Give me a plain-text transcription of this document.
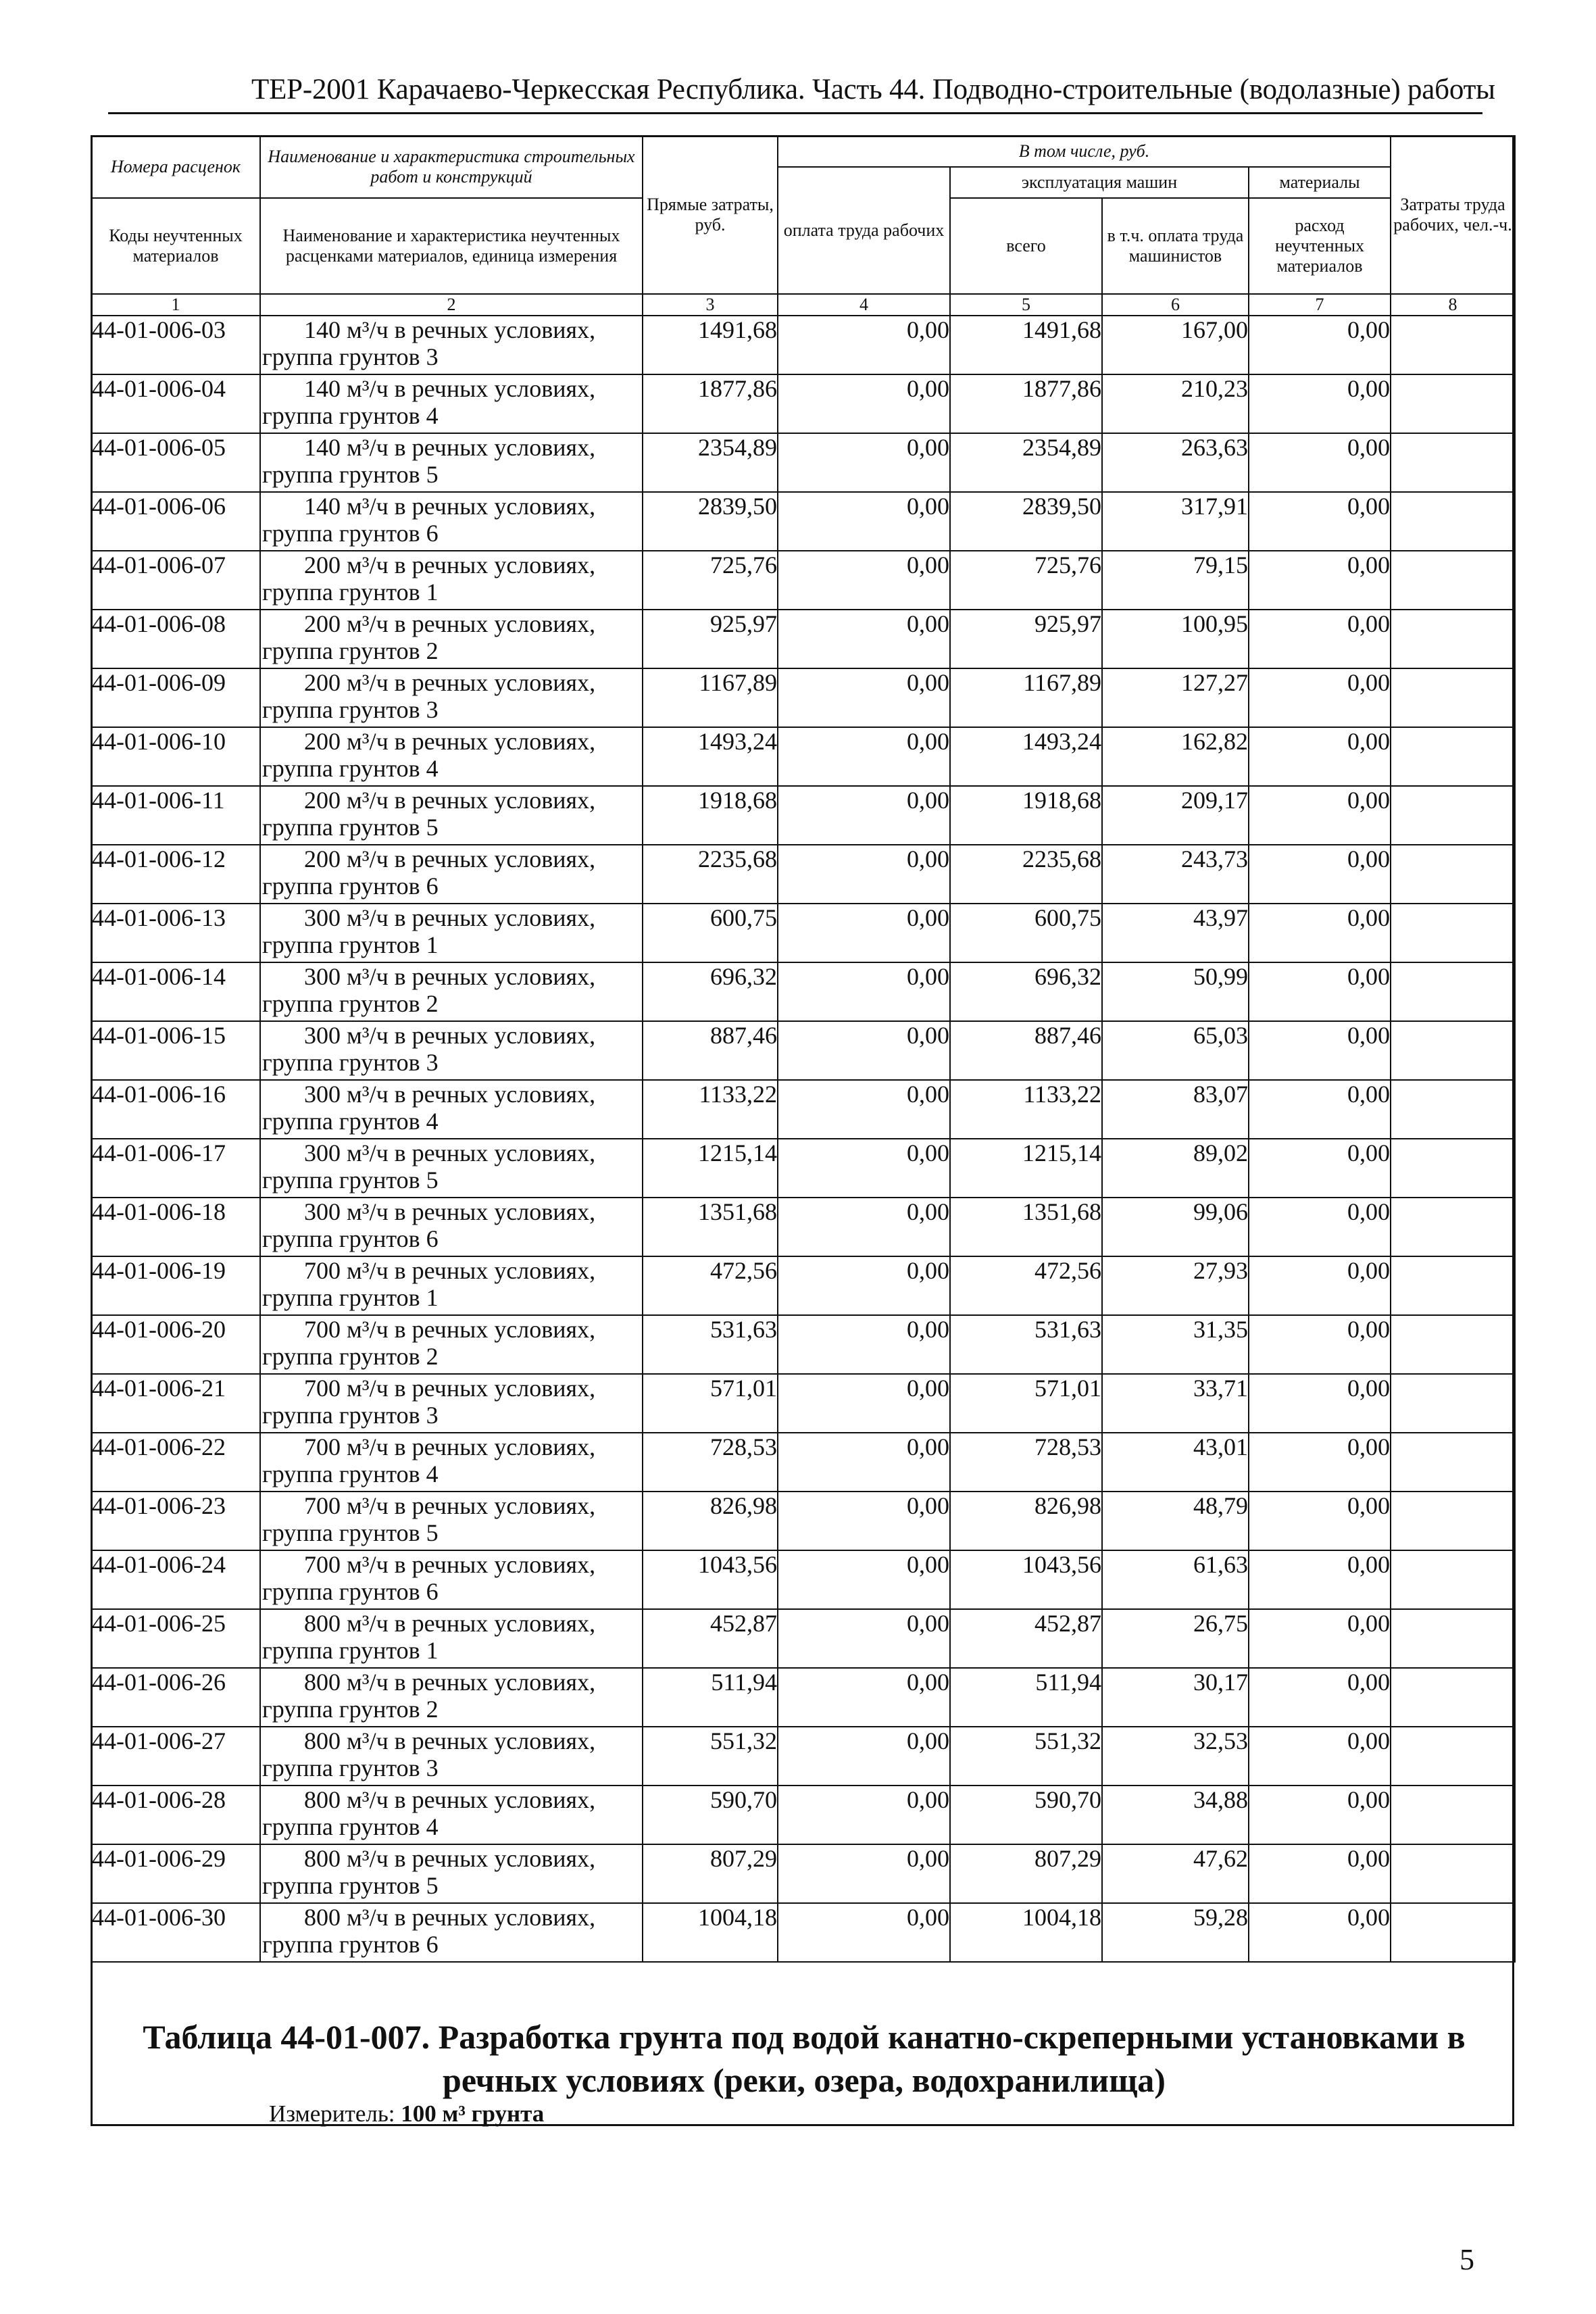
ТЕР-2001 Карачаево-Черкесская Республика. Часть 44. Подводно-строительные (водолазные) работы
Номера расценок	Наименование и характеристика строительных работ и конструкций	Прямые затраты, руб.	В том числе, руб.				Затраты труда рабочих, чел.-ч.
			оплата труда рабочих	эксплуатация машин		материалы	
Коды неучтенных материалов	Наименование и характеристика неучтенных расценками материалов, единица измерения			всего	в т.ч. оплата труда машинистов	расход неучтенных материалов	
1	2	3	4	5	6	7	8
44-01-006-03	140 м³/ч в речных условиях,
группа грунтов 3	1491,68	0,00	1491,68	167,00	0,00	
44-01-006-04	140 м³/ч в речных условиях,
группа грунтов 4	1877,86	0,00	1877,86	210,23	0,00	
44-01-006-05	140 м³/ч в речных условиях,
группа грунтов 5	2354,89	0,00	2354,89	263,63	0,00	
44-01-006-06	140 м³/ч в речных условиях,
группа грунтов 6	2839,50	0,00	2839,50	317,91	0,00	
44-01-006-07	200 м³/ч в речных условиях,
группа грунтов 1	725,76	0,00	725,76	79,15	0,00	
44-01-006-08	200 м³/ч в речных условиях,
группа грунтов 2	925,97	0,00	925,97	100,95	0,00	
44-01-006-09	200 м³/ч в речных условиях,
группа грунтов 3	1167,89	0,00	1167,89	127,27	0,00	
44-01-006-10	200 м³/ч в речных условиях,
группа грунтов 4	1493,24	0,00	1493,24	162,82	0,00	
44-01-006-11	200 м³/ч в речных условиях,
группа грунтов 5	1918,68	0,00	1918,68	209,17	0,00	
44-01-006-12	200 м³/ч в речных условиях,
группа грунтов 6	2235,68	0,00	2235,68	243,73	0,00	
44-01-006-13	300 м³/ч в речных условиях,
группа грунтов 1	600,75	0,00	600,75	43,97	0,00	
44-01-006-14	300 м³/ч в речных условиях,
группа грунтов 2	696,32	0,00	696,32	50,99	0,00	
44-01-006-15	300 м³/ч в речных условиях,
группа грунтов 3	887,46	0,00	887,46	65,03	0,00	
44-01-006-16	300 м³/ч в речных условиях,
группа грунтов 4	1133,22	0,00	1133,22	83,07	0,00	
44-01-006-17	300 м³/ч в речных условиях,
группа грунтов 5	1215,14	0,00	1215,14	89,02	0,00	
44-01-006-18	300 м³/ч в речных условиях,
группа грунтов 6	1351,68	0,00	1351,68	99,06	0,00	
44-01-006-19	700 м³/ч в речных условиях,
группа грунтов 1	472,56	0,00	472,56	27,93	0,00	
44-01-006-20	700 м³/ч в речных условиях,
группа грунтов 2	531,63	0,00	531,63	31,35	0,00	
44-01-006-21	700 м³/ч в речных условиях,
группа грунтов 3	571,01	0,00	571,01	33,71	0,00	
44-01-006-22	700 м³/ч в речных условиях,
группа грунтов 4	728,53	0,00	728,53	43,01	0,00	
44-01-006-23	700 м³/ч в речных условиях,
группа грунтов 5	826,98	0,00	826,98	48,79	0,00	
44-01-006-24	700 м³/ч в речных условиях,
группа грунтов 6	1043,56	0,00	1043,56	61,63	0,00	
44-01-006-25	800 м³/ч в речных условиях,
группа грунтов 1	452,87	0,00	452,87	26,75	0,00	
44-01-006-26	800 м³/ч в речных условиях,
группа грунтов 2	511,94	0,00	511,94	30,17	0,00	
44-01-006-27	800 м³/ч в речных условиях,
группа грунтов 3	551,32	0,00	551,32	32,53	0,00	
44-01-006-28	800 м³/ч в речных условиях,
группа грунтов 4	590,70	0,00	590,70	34,88	0,00	
44-01-006-29	800 м³/ч в речных условиях,
группа грунтов 5	807,29	0,00	807,29	47,62	0,00	
44-01-006-30	800 м³/ч в речных условиях,
группа грунтов 6	1004,18	0,00	1004,18	59,28	0,00	
Таблица 44-01-007. Разработка грунта под водой канатно-скреперными установками в речных условиях (реки, озера, водохранилища)
Измеритель: 100 м³ грунта
5
